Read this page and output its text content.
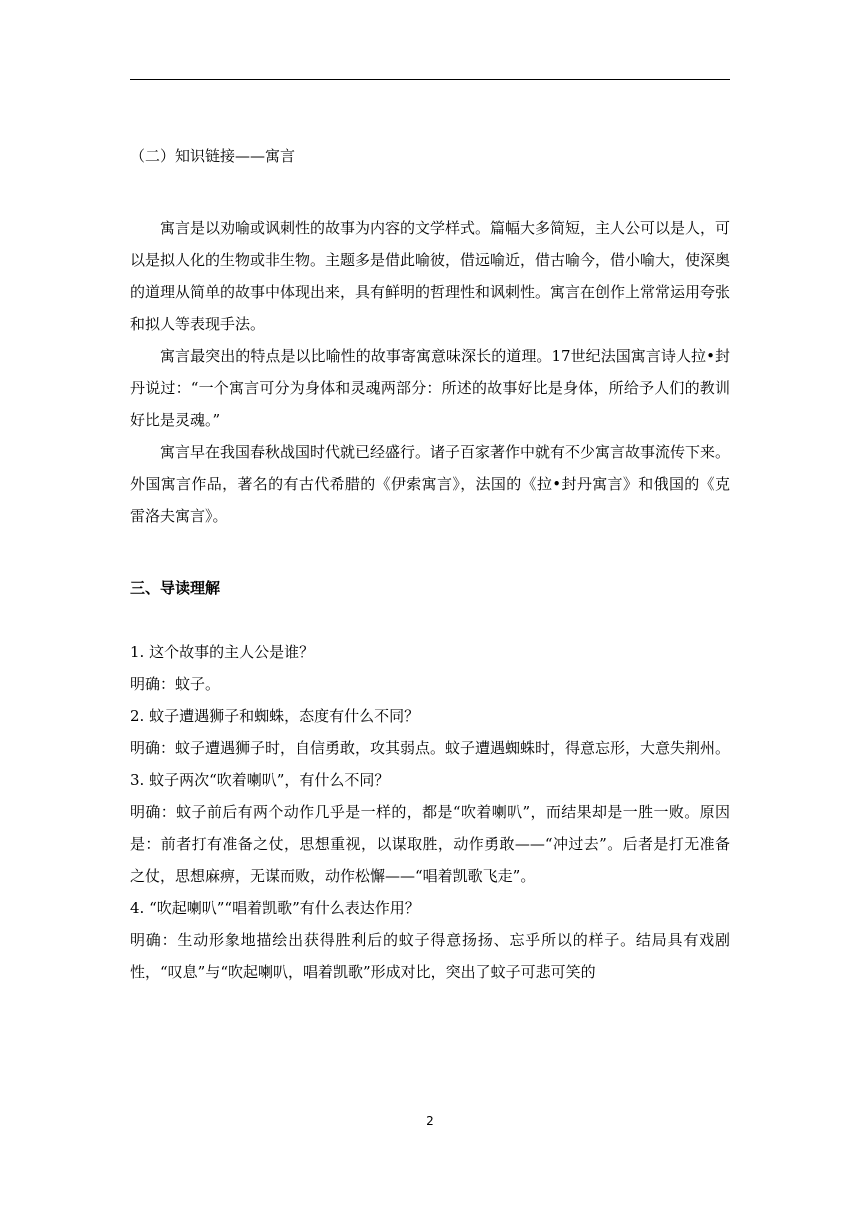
（二）知识链接——寓言

寓言是以劝喻或讽刺性的故事为内容的文学样式。篇幅大多简短，主人公可以是人，可以是拟人化的生物或非生物。主题多是借此喻彼，借远喻近，借古喻今，借小喻大，使深奥的道理从简单的故事中体现出来，具有鲜明的哲理性和讽刺性。寓言在创作上常常运用夸张和拟人等表现手法。

寓言最突出的特点是以比喻性的故事寄寓意味深长的道理。17世纪法国寓言诗人拉•封丹说过：“一个寓言可分为身体和灵魂两部分：所述的故事好比是身体，所给予人们的教训好比是灵魂。”

寓言早在我国春秋战国时代就已经盛行。诸子百家著作中就有不少寓言故事流传下来。外国寓言作品，著名的有古代希腊的《伊索寓言》，法国的《拉•封丹寓言》和俄国的《克雷洛夫寓言》。

三、导读理解

1. 这个故事的主人公是谁？

明确：蚊子。

2. 蚊子遭遇狮子和蜘蛛，态度有什么不同？

明确：蚊子遭遇狮子时，自信勇敢，攻其弱点。蚊子遭遇蜘蛛时，得意忘形，大意失荆州。

3. 蚊子两次“吹着喇叭”，有什么不同？

明确：蚊子前后有两个动作几乎是一样的，都是“吹着喇叭”，而结果却是一胜一败。原因是：前者打有准备之仗，思想重视，以谋取胜，动作勇敢——“冲过去”。后者是打无准备之仗，思想麻痹，无谋而败，动作松懈——“唱着凯歌飞走”。

4. “吹起喇叭”“唱着凯歌”有什么表达作用？

明确：生动形象地描绘出获得胜利后的蚊子得意扬扬、忘乎所以的样子。结局具有戏剧性，“叹息”与“吹起喇叭，唱着凯歌”形成对比，突出了蚊子可悲可笑的

2
